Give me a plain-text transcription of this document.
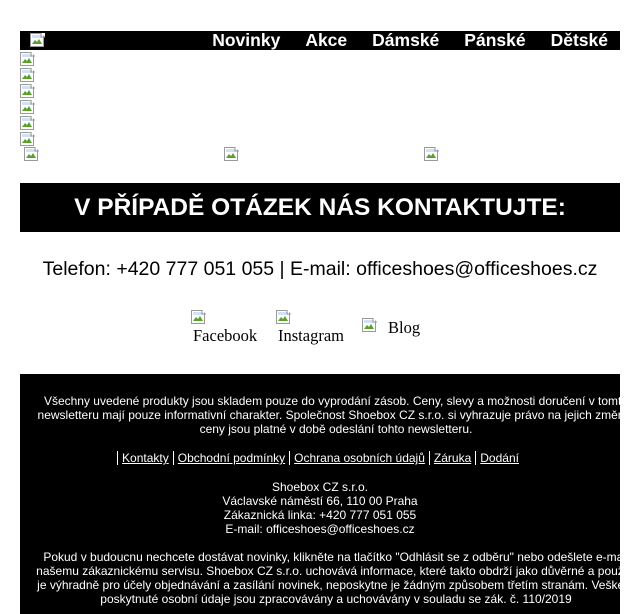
Novinky Akce Dámské Pánské Dětské
V PŘÍPADĚ OTÁZEK NÁS KONTAKTUJTE:
Telefon: +420 777 051 055 | E-mail: officeshoes@officeshoes.cz
Facebook Instagram	Blog

Všechny uvedené produkty jsou skladem pouze do vyprodání zásob. Ceny, slevy a možnosti doručení v tomto newsletteru mají pouze informativní charakter. Společnost Shoebox CZ s.r.o. si vyhrazuje právo na jejich změnu, ceny jsou platné v době odeslání tohto newsletteru.

Kontakty Obchodní podmínky Ochrana osobních údajů Záruka Dodání
Shoebox CZ s.r.o.
Václavské náměstí 66, 110 00 Praha
Zákaznická linka: +420 777 051 055
E-mail: officeshoes@officeshoes.cz

Pokud v budoucnu nechcete dostávat novinky, klikněte na tlačítko "Odhlásit se z odběru" nebo odešlete e-mail našemu zákaznickému servisu. Shoebox CZ s.r.o. uchovává informace, které takto obdrží jako důvěrné a použije je výhradně pro účely objednávání a zasílání novinek, neposkytne je žádným způsobem třetím stranám. Veškeré poskytnuté osobní údaje jsou zpracovávány a uchovávány v souladu se zák. č. 110/2019
